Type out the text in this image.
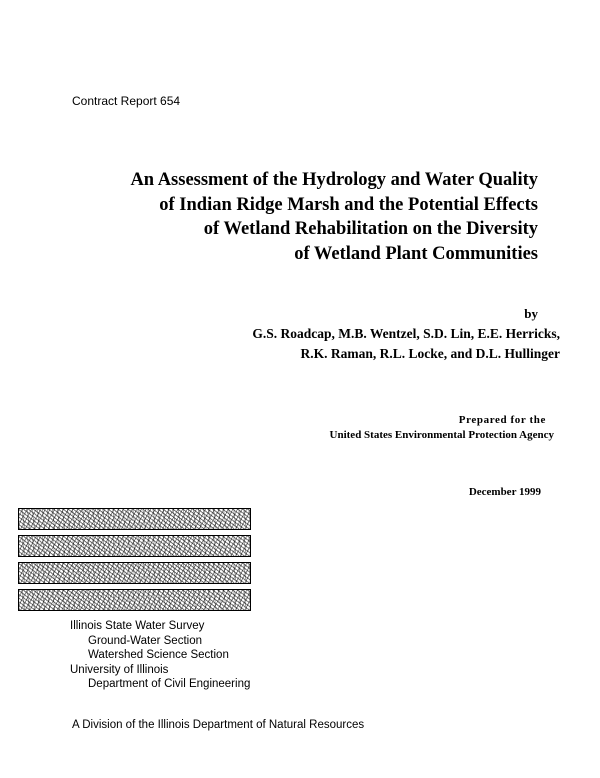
Contract Report 654
An Assessment of the Hydrology and Water Quality
of Indian Ridge Marsh and the Potential Effects
of Wetland Rehabilitation on the Diversity
of Wetland Plant Communities
by
G.S. Roadcap, M.B. Wentzel, S.D. Lin, E.E. Herricks,
R.K. Raman, R.L. Locke, and D.L. Hullinger
Prepared for the
United States Environmental Protection Agency
December 1999
Illinois State Water Survey
Ground-Water Section
Watershed Science Section
University of Illinois
Department of Civil Engineering
A Division of the Illinois Department of Natural Resources
